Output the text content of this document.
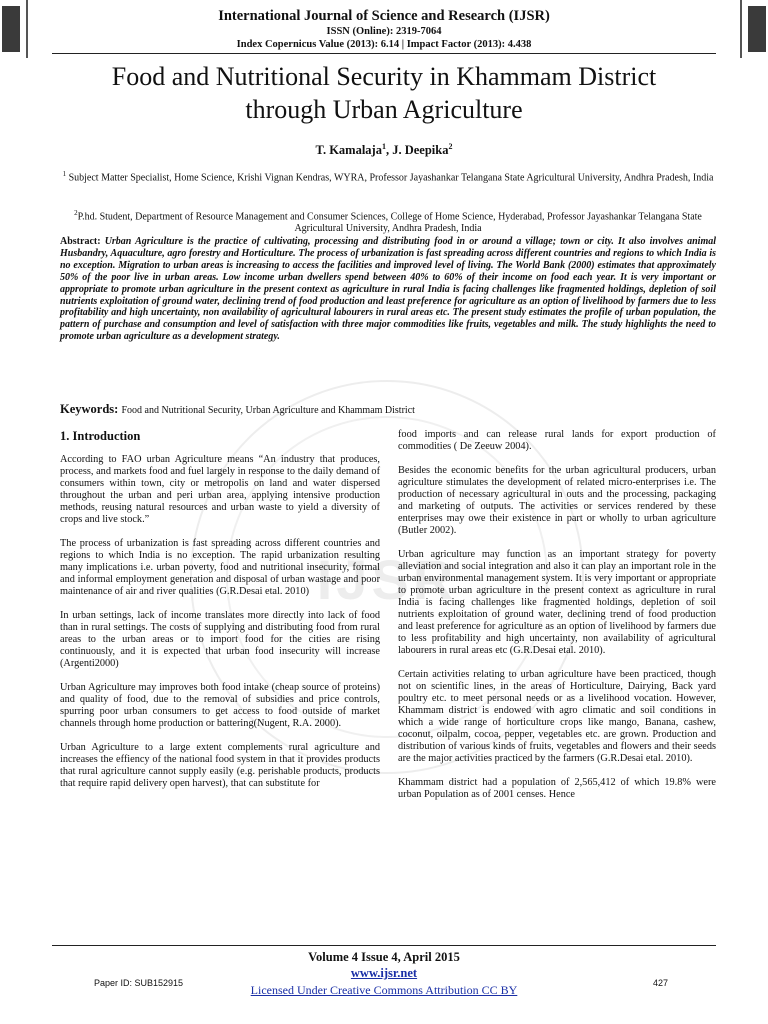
International Journal of Science and Research (IJSR)
ISSN (Online): 2319-7064
Index Copernicus Value (2013): 6.14 | Impact Factor (2013): 4.438
IJSR
Food and Nutritional Security in Khammam District
through Urban Agriculture
T. Kamalaja$^1$, J. Deepika$^2$
$^1$ Subject Matter Specialist, Home Science, Krishi Vignan Kendras, WYRA, Professor Jayashankar Telangana State Agricultural University, Andhra Pradesh, India
$^2$P.hd. Student, Department of Resource Management and Consumer Sciences, College of Home Science, Hyderabad, Professor Jayashankar Telangana State Agricultural University, Andhra Pradesh, India
Abstract: Urban Agriculture is the practice of cultivating, processing and distributing food in or around a village; town or city. It also involves animal Husbandry, Aquaculture, agro forestry and Horticulture. The process of urbanization is fast spreading across different countries and regions to which India is no exception. Migration to urban areas is increasing to access the facilities and improved level of living. The World Bank (2000) estimates that approximately 50% of the poor live in urban areas. Low income urban dwellers spend between 40% to 60% of their income on food each year. It is very important or appropriate to promote urban agriculture in the present context as agriculture in rural India is facing challenges like fragmented holdings, depletion of soil nutrients exploitation of ground water, declining trend of food production and least preference for agriculture as an option of livelihood by farmers due to less profitability and high uncertainty, non availability of agricultural labourers in rural areas etc. The present study estimates the profile of urban population, the pattern of purchase and consumption and level of satisfaction with three major commodities like fruits, vegetables and milk. The study highlights the need to promote urban agriculture as a development strategy.
Keywords: Food and Nutritional Security, Urban Agriculture and Khammam District
1. Introduction

According to FAO urban Agriculture means “An industry that produces, process, and markets food and fuel largely in response to the daily demand of consumers within town, city or metropolis on land and water dispersed throughout the urban and peri urban area, applying intensive production methods, reusing natural resources and urban waste to yield a diversity of crops and live stock.”

The process of urbanization is fast spreading across different countries and regions to which India is no exception. The rapid urbanization resulting many implications i.e. urban poverty, food and nutritional insecurity, formal and informal employment generation and disposal of urban wastage and poor maintenance of air and river qualities (G.R.Desai etal. 2010)

In urban settings, lack of income translates more directly into lack of food than in rural settings. The costs of supplying and distributing food from rural areas to the urban areas or to import food for the cities are rising continuously, and it is expected that urban food insecurity will increase (Argenti2000)

Urban Agriculture may improves both food intake (cheap source of proteins) and quality of food, due to the removal of subsidies and price controls, spurring poor urban consumers to get access to food outside of market channels through home production or battering(Nugent, R.A. 2000).

Urban Agriculture to a large extent complements rural agriculture and increases the effiency of the national food system in that it provides products that rural agriculture cannot supply easily (e.g. perishable products, products that require rapid delivery open harvest), that can substitute for

food imports and can release rural lands for export production of commodities ( De Zeeuw 2004).

Besides the economic benefits for the urban agricultural producers, urban agriculture stimulates the development of related micro-enterprises i.e. The production of necessary agricultural in outs and the processing, packaging and marketing of outputs. The activities or services rendered by these enterprises may owe their existence in part or wholly to urban agriculture (Butler 2002).

Urban agriculture may function as an important strategy for poverty alleviation and social integration and also it can play an important role in the urban environmental management system. It is very important or appropriate to promote urban agriculture in the present context as agriculture in rural India is facing challenges like fragmented holdings, depletion of soil nutrients exploitation of ground water, declining trend of food production and least preference for agriculture as an option of livelihood by farmers due to less profitability and high uncertainty, non availability of agricultural labourers in rural areas etc (G.R.Desai etal. 2010).

Certain activities relating to urban agriculture have been practiced, though not on scientific lines, in the areas of Horticulture, Dairying, Back yard poultry etc. to meet personal needs or as a livelihood vocation. However, Khammam district is endowed with agro climatic and soil conditions in which a wide range of horticulture crops like mango, Banana, cashew, coconut, oilpalm, cocoa, pepper, vegetables etc. are grown. Production and distribution of various kinds of fruits, vegetables and flowers and their seeds are the major activities practiced by the farmers (G.R.Desai etal. 2010).

Khammam district had a population of 2,565,412 of which 19.8% were urban Population as of 2001 censes. Hence

Volume 4 Issue 4, April 2015
www.ijsr.net
Licensed Under Creative Commons Attribution CC BY
Paper ID: SUB152915	427
